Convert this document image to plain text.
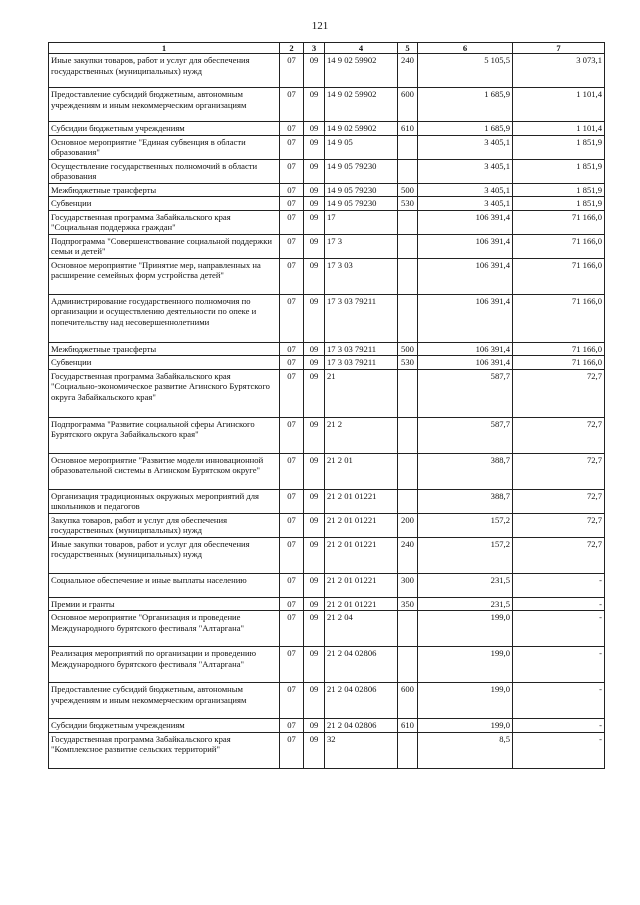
121
1	2	3	4	5	6	7
Иные закупки товаров, работ и услуг для обеспечения государственных (муниципальных) нужд	07	09	14 9 02 59902	240	5 105,5	3 073,1
Предоставление субсидий бюджетным, автономным учреждениям и иным некоммерческим организациям	07	09	14 9 02 59902	600	1 685,9	1 101,4
Субсидии бюджетным учреждениям	07	09	14 9 02 59902	610	1 685,9	1 101,4
Основное мероприятие "Единая субвенция в области образования"	07	09	14 9 05		3 405,1	1 851,9
Осуществление государственных полномочий в области образования	07	09	14 9 05 79230		3 405,1	1 851,9
Межбюджетные трансферты	07	09	14 9 05 79230	500	3 405,1	1 851,9
Субвенции	07	09	14 9 05 79230	530	3 405,1	1 851,9
Государственная программа Забайкальского края "Социальная поддержка граждан"	07	09	17		106 391,4	71 166,0
Подпрограмма "Совершенствование социальной поддержки семьи и детей"	07	09	17 3		106 391,4	71 166,0
Основное мероприятие "Принятие мер, направленных на расширение семейных форм устройства детей"	07	09	17 3 03		106 391,4	71 166,0
Администрирование государственного полномочия по организации и осуществлению деятельности по опеке и попечительству над несовершеннолетними	07	09	17 3 03 79211		106 391,4	71 166,0
Межбюджетные трансферты	07	09	17 3 03 79211	500	106 391,4	71 166,0
Субвенции	07	09	17 3 03 79211	530	106 391,4	71 166,0
Государственная программа Забайкальского края "Социально-экономическое развитие Агинского Бурятского округа Забайкальского края"	07	09	21		587,7	72,7
Подпрограмма "Развитие социальной сферы Агинского Бурятского округа Забайкальского края"	07	09	21 2		587,7	72,7
Основное мероприятие "Развитие модели инновационной образовательной системы в Агинском Бурятском округе"	07	09	21 2 01		388,7	72,7
Организация традиционных окружных мероприятий для школьников и педагогов	07	09	21 2 01 01221		388,7	72,7
Закупка товаров, работ и услуг для обеспечения государственных (муниципальных) нужд	07	09	21 2 01 01221	200	157,2	72,7
Иные закупки товаров, работ и услуг для обеспечения государственных (муниципальных) нужд	07	09	21 2 01 01221	240	157,2	72,7
Социальное обеспечение и иные выплаты населению	07	09	21 2 01 01221	300	231,5	-
Премии и гранты	07	09	21 2 01 01221	350	231,5	-
Основное мероприятие "Организация и проведение Международного бурятского фестиваля "Алтаргана"	07	09	21 2 04		199,0	-
Реализация мероприятий по организации и проведению Международного бурятского фестиваля "Алтаргана"	07	09	21 2 04 02806		199,0	-
Предоставление субсидий бюджетным, автономным учреждениям и иным некоммерческим организациям	07	09	21 2 04 02806	600	199,0	-
Субсидии бюджетным учреждениям	07	09	21 2 04 02806	610	199,0	-
Государственная программа Забайкальского края "Комплексное развитие сельских территорий"	07	09	32		8,5	-
